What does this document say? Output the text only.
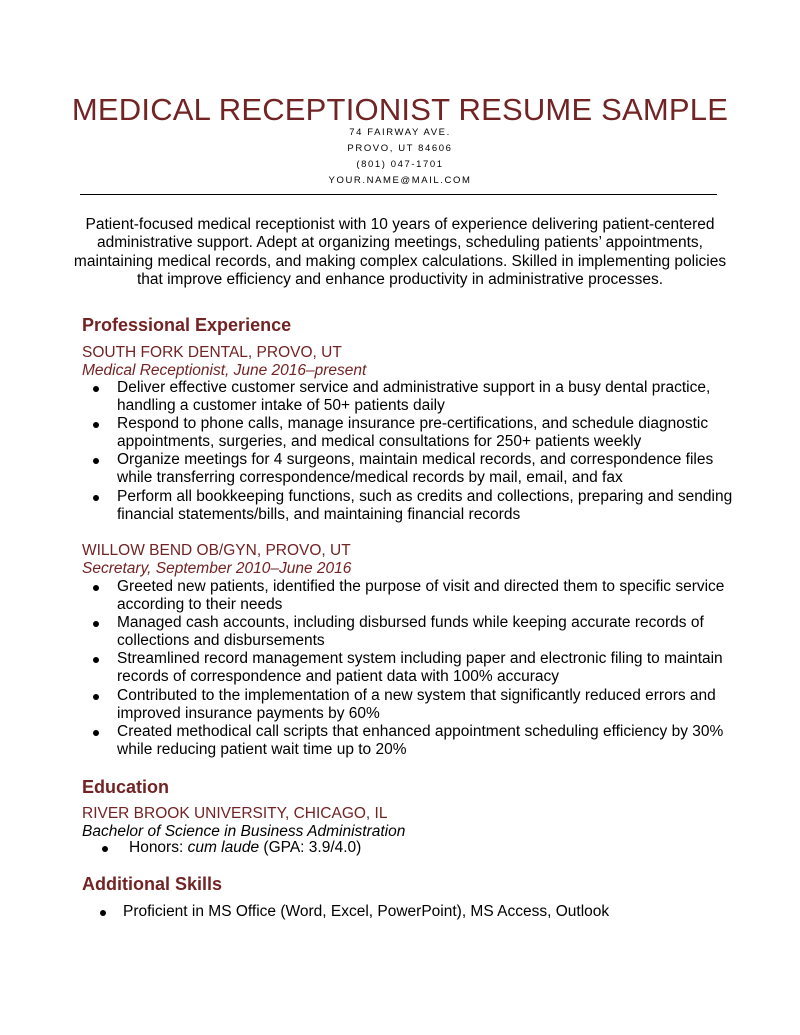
MEDICAL RECEPTIONIST RESUME SAMPLE
74 FAIRWAY AVE.
PROVO, UT 84606
(801) 047-1701
YOUR.NAME@MAIL.COM
Patient-focused medical receptionist with 10 years of experience delivering patient-centered administrative support. Adept at organizing meetings, scheduling patients’ appointments, maintaining medical records, and making complex calculations. Skilled in implementing policies that improve efficiency and enhance productivity in administrative processes.
Professional Experience
SOUTH FORK DENTAL, PROVO, UT
Medical Receptionist, June 2016–present
Deliver effective customer service and administrative support in a busy dental practice, handling a customer intake of 50+ patients daily
Respond to phone calls, manage insurance pre-certifications, and schedule diagnostic appointments, surgeries, and medical consultations for 250+ patients weekly
Organize meetings for 4 surgeons, maintain medical records, and correspondence files while transferring correspondence/medical records by mail, email, and fax
Perform all bookkeeping functions, such as credits and collections, preparing and sending financial statements/bills, and maintaining financial records
WILLOW BEND OB/GYN, PROVO, UT
Secretary, September 2010–June 2016
Greeted new patients, identified the purpose of visit and directed them to specific service according to their needs
Managed cash accounts, including disbursed funds while keeping accurate records of collections and disbursements
Streamlined record management system including paper and electronic filing to maintain records of correspondence and patient data with 100% accuracy
Contributed to the implementation of a new system that significantly reduced errors and improved insurance payments by 60%
Created methodical call scripts that enhanced appointment scheduling efficiency by 30% while reducing patient wait time up to 20%
Education
RIVER BROOK UNIVERSITY, CHICAGO, IL
Bachelor of Science in Business Administration
Honors: cum laude (GPA: 3.9/4.0)
Additional Skills
Proficient in MS Office (Word, Excel, PowerPoint), MS Access, Outlook
